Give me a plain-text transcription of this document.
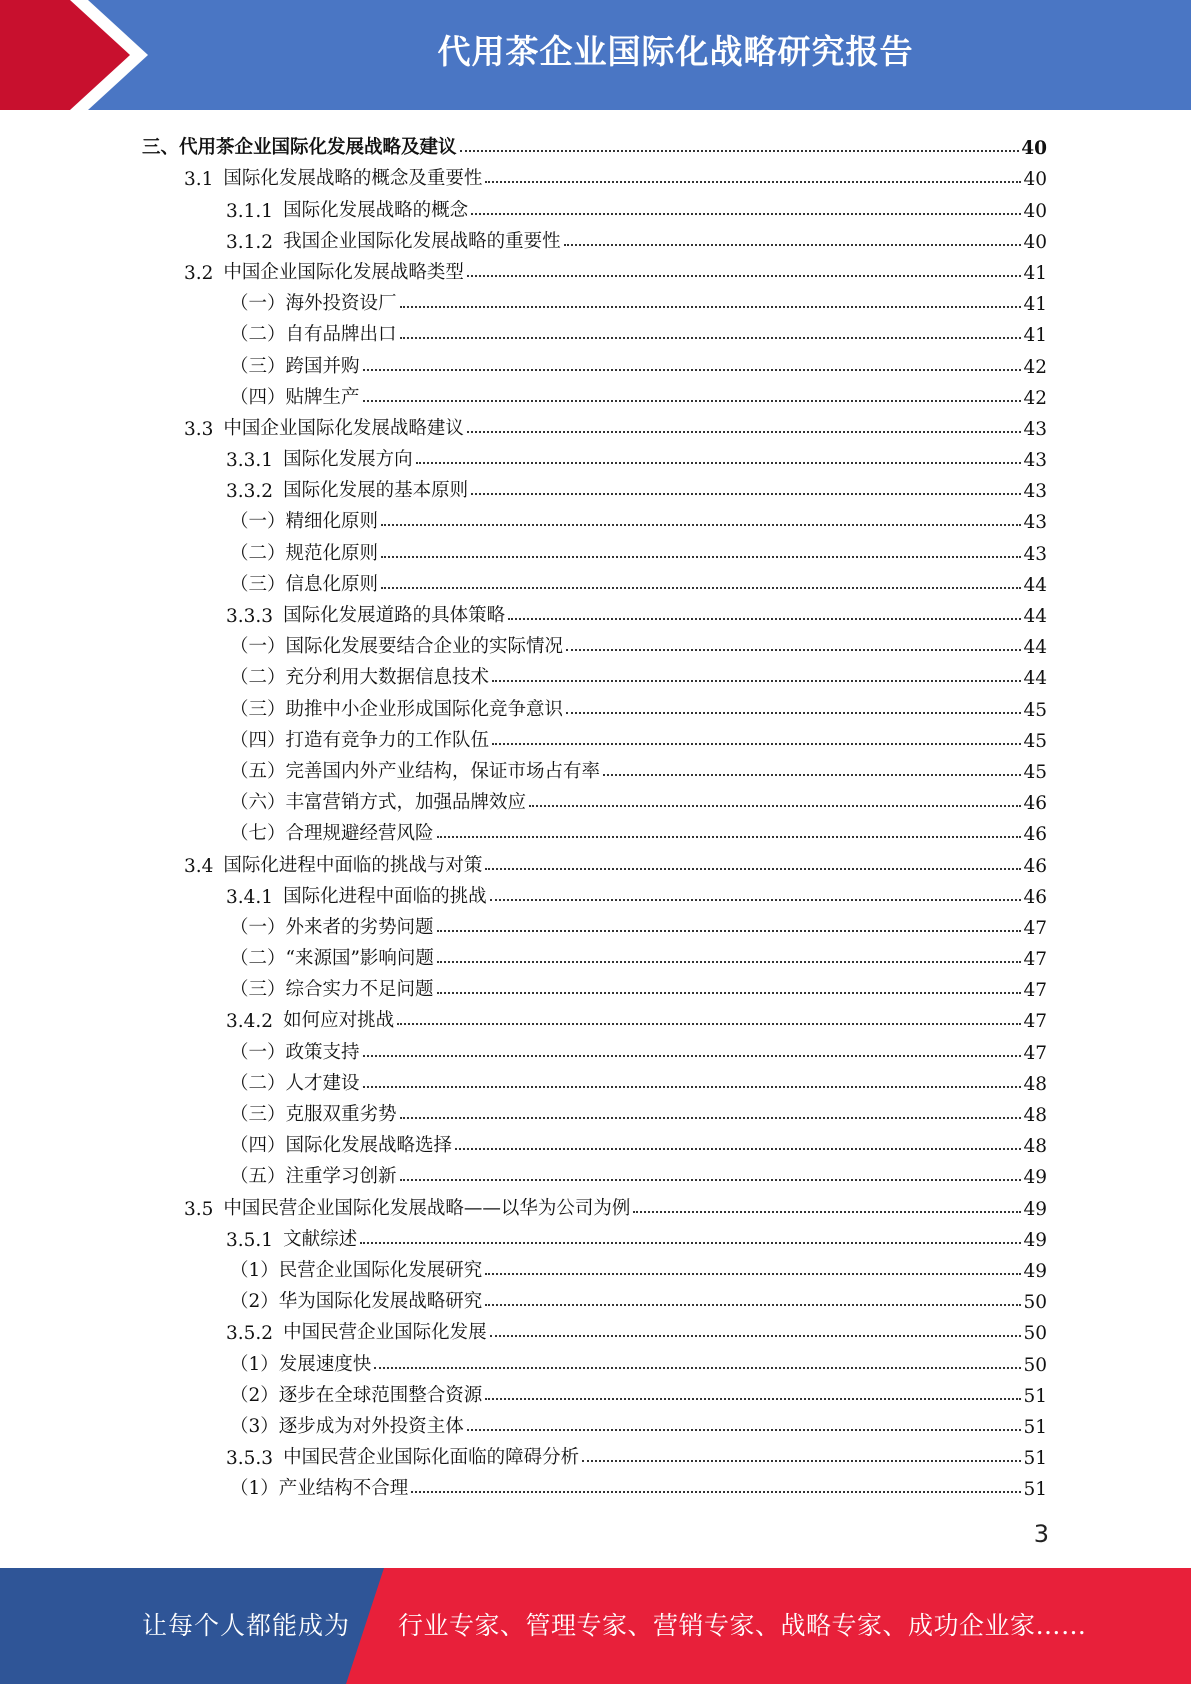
代用茶企业国际化战略研究报告
三、代用茶企业国际化发展战略及建议	40
3.1 国际化发展战略的概念及重要性	40
3.1.1 国际化发展战略的概念	40
3.1.2 我国企业国际化发展战略的重要性	40
3.2 中国企业国际化发展战略类型	41
（一）海外投资设厂	41
（二）自有品牌出口	41
（三）跨国并购	42
（四）贴牌生产	42
3.3 中国企业国际化发展战略建议	43
3.3.1 国际化发展方向	43
3.3.2 国际化发展的基本原则	43
（一）精细化原则	43
（二）规范化原则	43
（三）信息化原则	44
3.3.3 国际化发展道路的具体策略	44
（一）国际化发展要结合企业的实际情况	44
（二）充分利用大数据信息技术	44
（三）助推中小企业形成国际化竞争意识	45
（四）打造有竞争力的工作队伍	45
（五）完善国内外产业结构，保证市场占有率	45
（六）丰富营销方式，加强品牌效应	46
（七）合理规避经营风险	46
3.4 国际化进程中面临的挑战与对策	46
3.4.1 国际化进程中面临的挑战	46
（一）外来者的劣势问题	47
（二）“来源国”影响问题	47
（三）综合实力不足问题	47
3.4.2 如何应对挑战	47
（一）政策支持	47
（二）人才建设	48
（三）克服双重劣势	48
（四）国际化发展战略选择	48
（五）注重学习创新	49
3.5 中国民营企业国际化发展战略——以华为公司为例	49
3.5.1 文献综述	49
（1）民营企业国际化发展研究	49
（2）华为国际化发展战略研究	50
3.5.2 中国民营企业国际化发展	50
（1）发展速度快	50
（2）逐步在全球范围整合资源	51
（3）逐步成为对外投资主体	51
3.5.3 中国民营企业国际化面临的障碍分析	51
（1）产业结构不合理	51
3
让每个人都能成为 行业专家、管理专家、营销专家、战略专家、成功企业家……
